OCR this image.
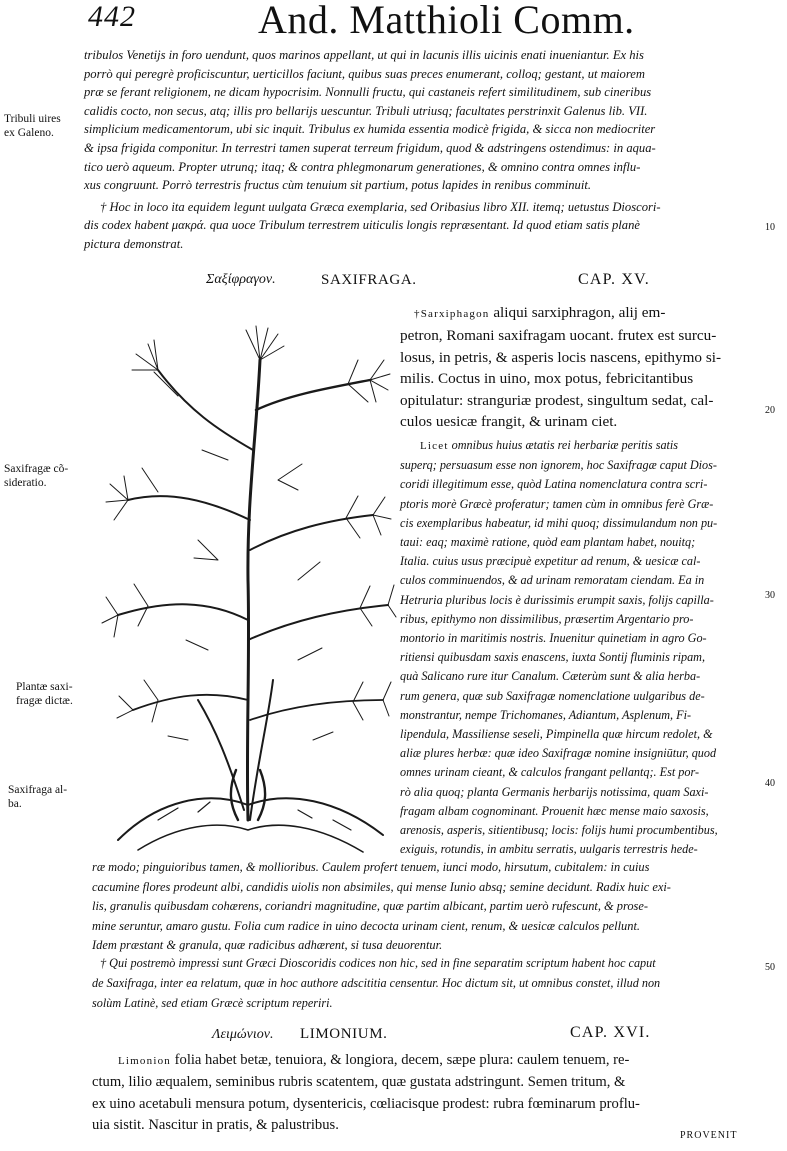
442	And. Matthioli Comm.
tribulos Venetijs in foro uendunt, quos marinos appellant, ut qui in lacunis illis uicinis enati inueniantur. Ex his
porrò qui peregrè proficiscuntur, uerticillos faciunt, quibus suas preces enumerant, colloq; gestant, ut maiorem
præ se ferant religionem, ne dicam hypocrisim. Nonnulli fructu, qui castaneis refert similitudinem, sub cineribus
calidis cocto, non secus, atq; illis pro bellarijs uescuntur. Tribuli utriusq; facultates perstrinxit Galenus lib. VII.
simplicium medicamentorum, ubi sic inquit. Tribulus ex humida essentia modicè frigida, & sicca non mediocriter
& ipsa frigida componitur. In terrestri tamen superat terreum frigidum, quod & adstringens ostendimus: in aqua-
tico uerò aqueum. Propter utrunq; itaq; & contra phlegmonarum generationes, & omnino contra omnes influ-
xus congruunt. Porrò terrestris fructus cùm tenuium sit partium, potus lapides in renibus comminuit.
† Hoc in loco ita equidem legunt uulgata Græca exemplaria, sed Oribasius libro XII. itemq; uetustus Dioscori-
dis codex habent μακρά. qua uoce Tribulum terrestrem uiticulis longis repræsentant. Id quod etiam satis planè
pictura demonstrat.
Tribuli uires
ex Galeno.
Saxifragæ cõ-
sideratio.
Plantæ saxi-
fragæ dictæ.
Saxifraga al-
ba.
10
20
30
40
50
Σαξίφραγον.	SAXIFRAGA.	CAP. XV.
†Sarxiphagon aliqui sarxiphragon, alij em-
petron, Romani saxifragam uocant. frutex est surcu-
losus, in petris, & asperis locis nascens, epithymo si-
milis. Coctus in uino, mox potus, febricitantibus
opitulatur: stranguriæ prodest, singultum sedat, cal-
culos uesicæ frangit, & urinam ciet.
Licet omnibus huius ætatis rei herbariæ peritis satis
superq; persuasum esse non ignorem, hoc Saxifragæ caput Dios-
coridi illegitimum esse, quòd Latina nomenclatura contra scri-
ptoris morè Græcè proferatur; tamen cùm in omnibus ferè Græ-
cis exemplaribus habeatur, id mihi quoq; dissimulandum non pu-
taui: eaq; maximè ratione, quòd eam plantam habet, nouitq;
Italia. cuius usus præcipuè expetitur ad renum, & uesicæ cal-
culos comminuendos, & ad urinam remoratam ciendam. Ea in
Hetruria pluribus locis è durissimis erumpit saxis, folijs capilla-
ribus, epithymo non dissimilibus, præsertim Argentario pro-
montorio in maritimis nostris. Inuenitur quinetiam in agro Go-
ritiensi quibusdam saxis enascens, iuxta Sontij fluminis ripam,
quà Salicano rure itur Canalum. Cæterùm sunt & alia herba-
rum genera, quæ sub Saxifragæ nomenclatione uulgaribus de-
monstrantur, nempe Trichomanes, Adiantum, Asplenum, Fi-
lipendula, Massiliense seseli, Pimpinella quæ hircum redolet, &
aliæ plures herbæ: quæ ideo Saxifragæ nomine insigniūtur, quod
omnes urinam cieant, & calculos frangant pellantq;. Est por-
rò alia quoq; planta Germanis herbarijs notissima, quam Saxi-
fragam albam cognominant. Prouenit hæc mense maio saxosis,
arenosis, asperis, sitientibusq; locis: folijs humi procumbentibus,
exiguis, rotundis, in ambitu serratis, uulgaris terrestris hede-
ræ modo; pinguioribus tamen, & mollioribus. Caulem profert tenuem, iunci modo, hirsutum, cubitalem: in cuius
cacumine flores prodeunt albi, candidis uiolis non absimiles, qui mense Iunio absq; semine decidunt. Radix huic exi-
lis, granulis quibusdam cohærens, coriandri magnitudine, quæ partim albicant, partim uerò rufescunt, & prose-
mine seruntur, amaro gustu. Folia cum radice in uino decocta urinam cient, renum, & uesicæ calculos pellunt.
Idem præstant & granula, quæ radicibus adhærent, si tusa deuorentur.
† Qui postremò impressi sunt Græci Dioscoridis codices non hic, sed in fine separatim scriptum habent hoc caput
de Saxifraga, inter ea relatum, quæ in hoc authore adscititia censentur. Hoc dictum sit, ut omnibus constet, illud non
solùm Latinè, sed etiam Græcè scriptum reperiri.
Λειμώνιον. LIMONIUM.	CAP. XVI.
Limonion folia habet betæ, tenuiora, & longiora, decem, sæpe plura: caulem tenuem, re-
ctum, lilio æqualem, seminibus rubris scatentem, quæ gustata adstringunt. Semen tritum, &
ex uino acetabuli mensura potum, dysentericis, cœliacisque prodest: rubra fœminarum proflu-
uia sistit. Nascitur in pratis, & palustribus.
PROVENIT
